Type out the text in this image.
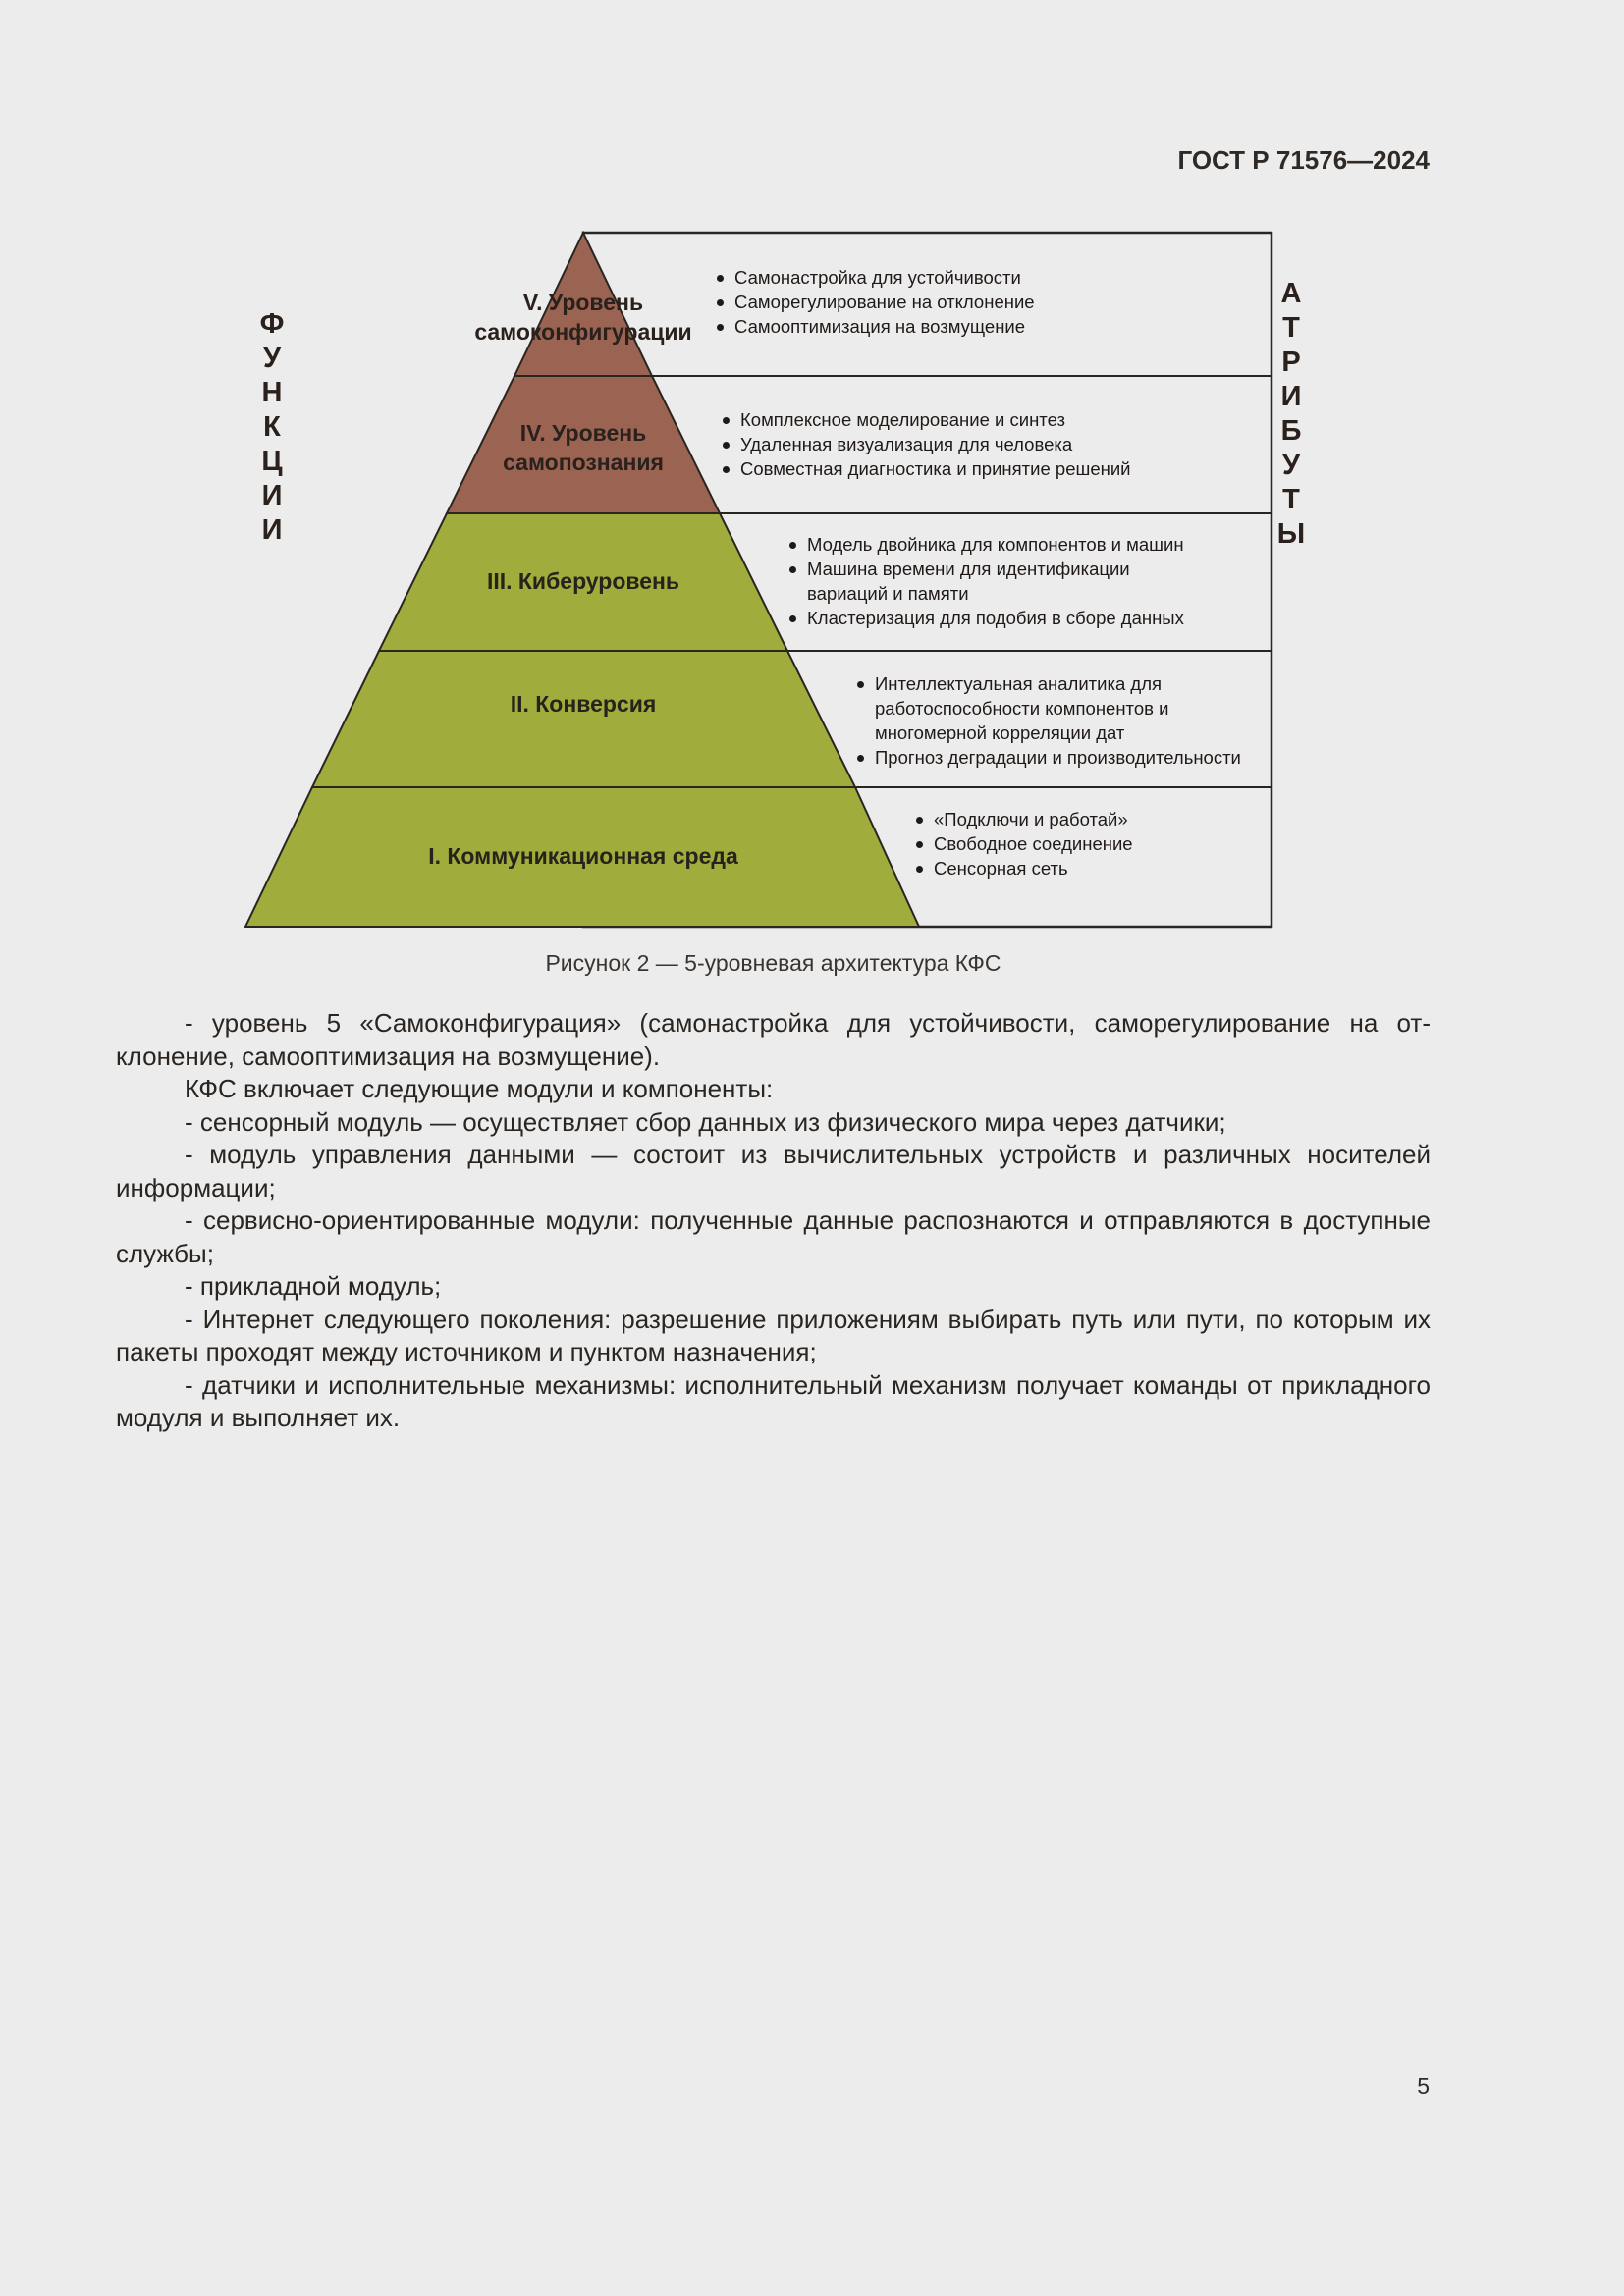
ГОСТ Р 71576—2024
ФУНКЦИИ
АТРИБУТЫ
V. Уровень
самоконфигурации
IV. Уровень
самопознания
III. Киберуровень
II. Конверсия
I. Коммуникационная среда
Самонастройка для устойчивости
Саморегулирование на отклонение
Самооптимизация на возмущение
Комплексное моделирование и синтез
Удаленная визуализация для человека
Совместная диагностика и принятие решений
Модель двойника для компонентов и машин
Машина времени для идентификации вариаций и памяти
Кластеризация для подобия в сборе данных
Интеллектуальная аналитика для работоспособности компонентов и многомерной корреляции дат
Прогноз деградации и производительности
«Подключи и работай»
Свободное соединение
Сенсорная сеть
Рисунок 2 — 5-уровневая архитектура КФС

- уровень 5 «Самоконфигурация» (самонастройка для устойчивости, саморегулирование на отклонение, самооптимизация на возмущение).

КФС включает следующие модули и компоненты:

- сенсорный модуль — осуществляет сбор данных из физического мира через датчики;

- модуль управления данными — состоит из вычислительных устройств и различных носителей информации;

- сервисно-ориентированные модули: полученные данные распознаются и отправляются в доступные службы;

- прикладной модуль;

- Интернет следующего поколения: разрешение приложениям выбирать путь или пути, по которым их пакеты проходят между источником и пунктом назначения;

- датчики и исполнительные механизмы: исполнительный механизм получает команды от прикладного модуля и выполняет их.

5
